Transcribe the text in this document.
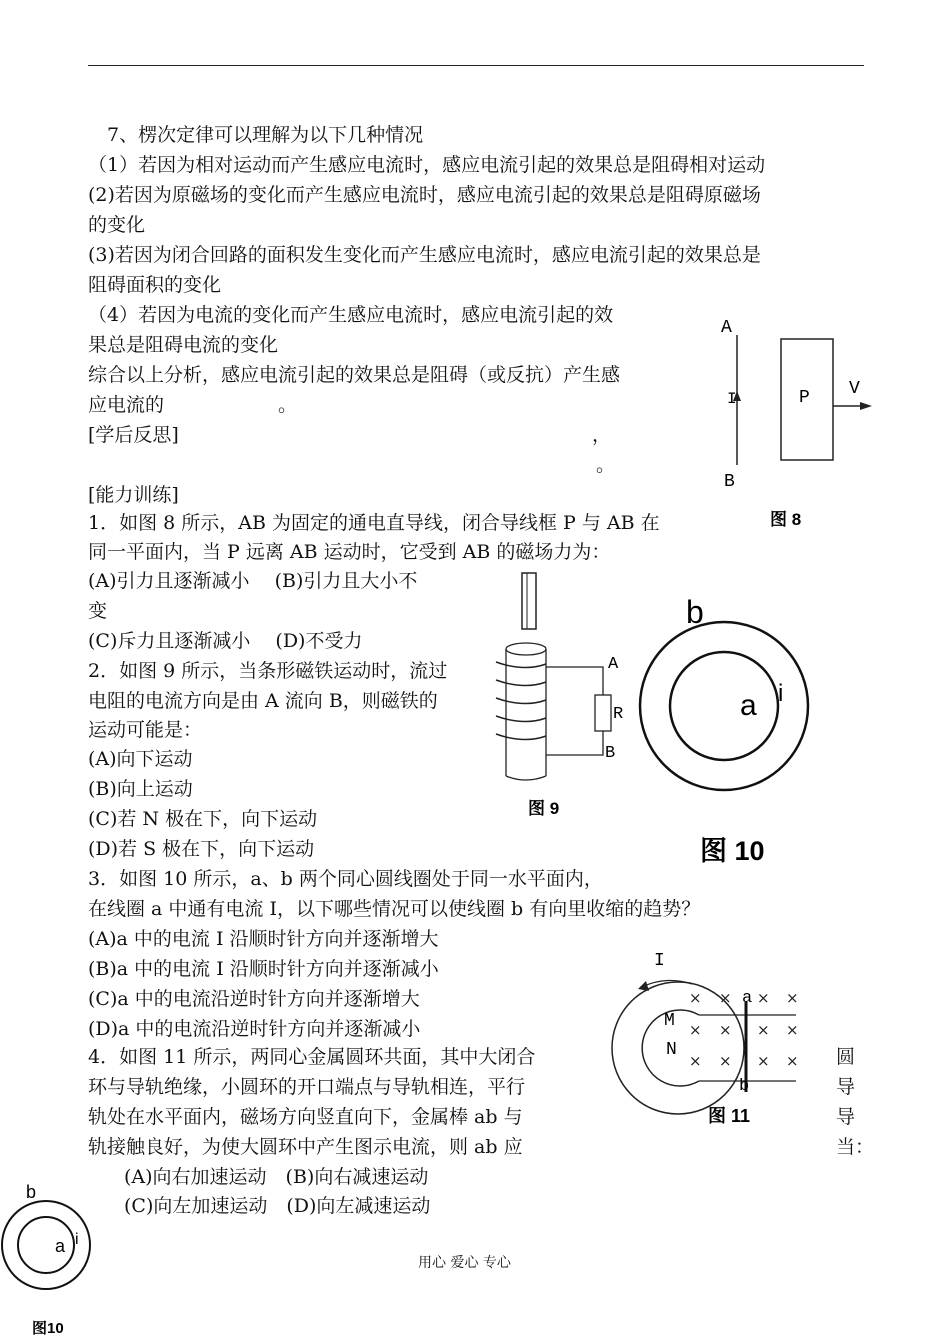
　7、楞次定律可以理解为以下几种情况
（1）若因为相对运动而产生感应电流时，感应电流引起的效果总是阻碍相对运动
(2)若因为原磁场的变化而产生感应电流时，感应电流引起的效果总是阻碍原磁场
的变化
(3)若因为闭合回路的面积发生变化而产生感应电流时，感应电流引起的效果总是
阻碍面积的变化
（4）若因为电流的变化而产生感应电流时，感应电流引起的效
果总是阻碍电流的变化
综合以上分析，感应电流引起的效果总是阻碍（或反抗）产生感
应电流的　　　　　　。
[学后反思]	，
。
[能力训练]
1．如图 8 所示，AB 为固定的通电直导线，闭合导线框 P 与 AB 在
同一平面内，当 P 远离 AB 运动时，它受到 AB 的磁场力为：
(A)引力且逐渐减小　 (B)引力且大小不
变
(C)斥力且逐渐减小　 (D)不受力
2．如图 9 所示，当条形磁铁运动时，流过
电阻的电流方向是由 A 流向 B，则磁铁的
运动可能是：
(A)向下运动
(B)向上运动
(C)若 N 极在下，向下运动
(D)若 S 极在下，向下运动
3．如图 10 所示，a、b 两个同心圆线圈处于同一水平面内，
在线圈 a 中通有电流 I，以下哪些情况可以使线圈 b 有向里收缩的趋势？
(A)a 中的电流 I 沿顺时针方向并逐渐增大
(B)a 中的电流 I 沿顺时针方向并逐渐减小
(C)a 中的电流沿逆时针方向并逐渐增大
(D)a 中的电流沿逆时针方向并逐渐减小
4．如图 11 所示，两同心金属圆环共面，其中大闭合
环与导轨绝缘，小圆环的开口端点与导轨相连，平行
轨处在水平面内，磁场方向竖直向下，金属棒 ab 与
轨接触良好，为使大圆环中产生图示电流，则 ab 应
(A)向右加速运动　(B)向右减速运动
(C)向左加速运动　(D)向左减速运动
圆
导
导
当：
A
I
B
P V
图 8
A
R
B
图 9
b
a i
图 10
I
M
N
a
b
× × × ×
× × × ×
× × × ×
图 11
b
a i
图10
用心 爱心 专心
